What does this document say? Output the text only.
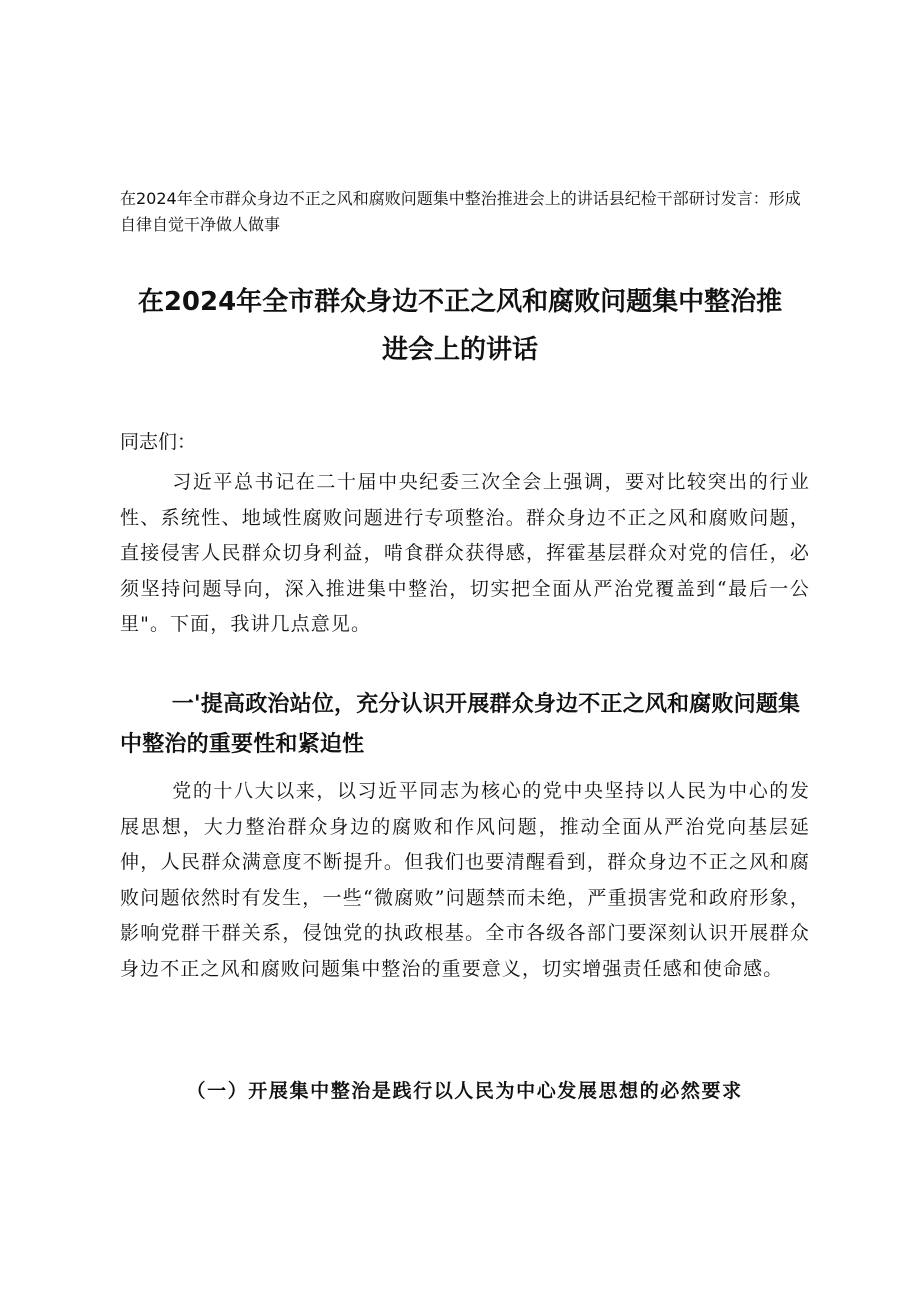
在2024年全市群众身边不正之风和腐败问题集中整治推进会上的讲话县纪检干部研讨发言：形成自律自觉干净做人做事
在2024年全市群众身边不正之风和腐败问题集中整治推
进会上的讲话
同志们：
习近平总书记在二十届中央纪委三次全会上强调，要对比较突出的行业性、系统性、地域性腐败问题进行专项整治。群众身边不正之风和腐败问题，直接侵害人民群众切身利益，啃食群众获得感，挥霍基层群众对党的信任，必须坚持问题导向，深入推进集中整治，切实把全面从严治党覆盖到“最后一公里"。下面，我讲几点意见。
一'提高政治站位，充分认识开展群众身边不正之风和腐败问题集中整治的重要性和紧迫性
党的十八大以来，以习近平同志为核心的党中央坚持以人民为中心的发展思想，大力整治群众身边的腐败和作风问题，推动全面从严治党向基层延伸，人民群众满意度不断提升。但我们也要清醒看到，群众身边不正之风和腐败问题依然时有发生，一些“微腐败”问题禁而未绝，严重损害党和政府形象，影响党群干群关系，侵蚀党的执政根基。全市各级各部门要深刻认识开展群众身边不正之风和腐败问题集中整治的重要意义，切实增强责任感和使命感。
（一）开展集中整治是践行以人民为中心发展思想的必然要求
